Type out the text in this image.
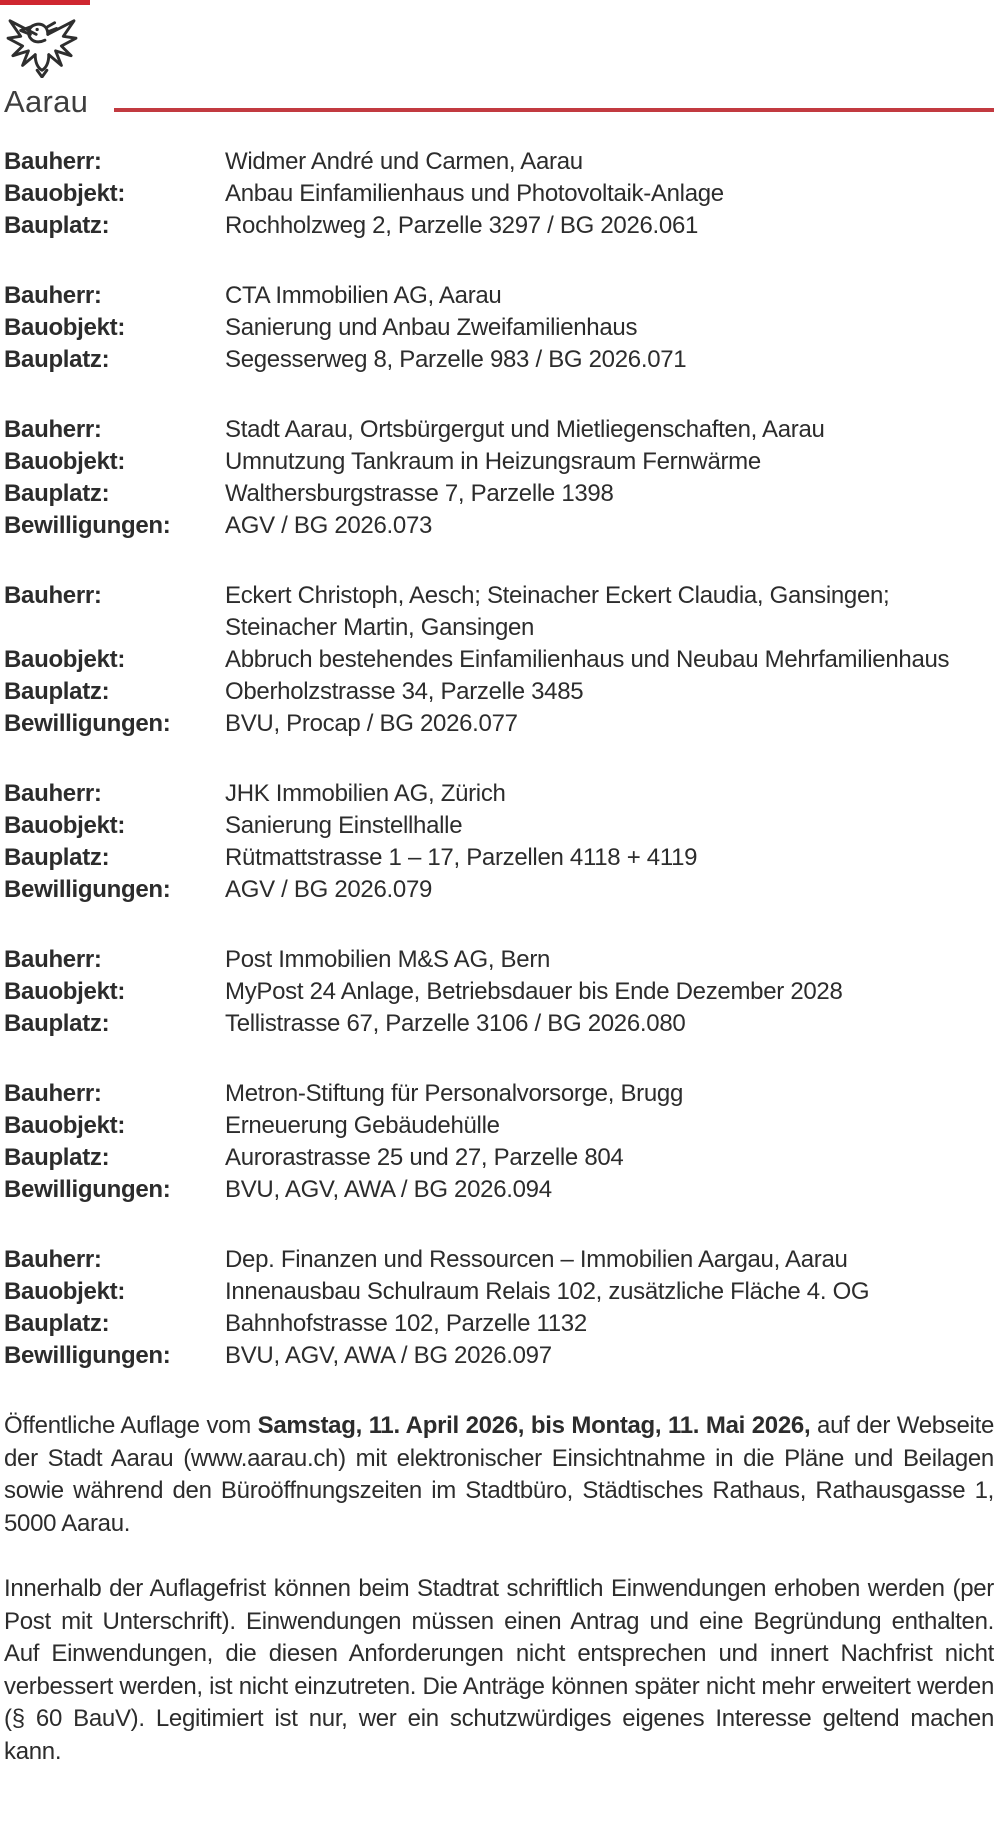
Aarau
Bauherr:	Widmer André und Carmen, Aarau
Bauobjekt:	Anbau Einfamilienhaus und Photovoltaik-Anlage
Bauplatz:	Rochholzweg 2, Parzelle 3297 / BG 2026.061
Bauherr:	CTA Immobilien AG, Aarau
Bauobjekt:	Sanierung und Anbau Zweifamilienhaus
Bauplatz:	Segesserweg 8, Parzelle 983 / BG 2026.071
Bauherr:	Stadt Aarau, Ortsbürgergut und Mietliegenschaften, Aarau
Bauobjekt:	Umnutzung Tankraum in Heizungsraum Fernwärme
Bauplatz:	Walthersburgstrasse 7, Parzelle 1398
Bewilligungen:	AGV / BG 2026.073
Bauherr:	Eckert Christoph, Aesch; Steinacher Eckert Claudia, Gansingen; Steinacher Martin, Gansingen
Bauobjekt:	Abbruch bestehendes Einfamilienhaus und Neubau Mehrfamilienhaus
Bauplatz:	Oberholzstrasse 34, Parzelle 3485
Bewilligungen:	BVU, Procap / BG 2026.077
Bauherr:	JHK Immobilien AG, Zürich
Bauobjekt:	Sanierung Einstellhalle
Bauplatz:	Rütmattstrasse 1 – 17, Parzellen 4118 + 4119
Bewilligungen:	AGV / BG 2026.079
Bauherr:	Post Immobilien M&S AG, Bern
Bauobjekt:	MyPost 24 Anlage, Betriebsdauer bis Ende Dezember 2028
Bauplatz:	Tellistrasse 67, Parzelle 3106 / BG 2026.080
Bauherr:	Metron-Stiftung für Personalvorsorge, Brugg
Bauobjekt:	Erneuerung Gebäudehülle
Bauplatz:	Aurorastrasse 25 und 27, Parzelle 804
Bewilligungen:	BVU, AGV, AWA / BG 2026.094
Bauherr:	Dep. Finanzen und Ressourcen – Immobilien Aargau, Aarau
Bauobjekt:	Innenausbau Schulraum Relais 102, zusätzliche Fläche 4. OG
Bauplatz:	Bahnhofstrasse 102, Parzelle 1132
Bewilligungen:	BVU, AGV, AWA / BG 2026.097

Öffentliche Auflage vom Samstag, 11. April 2026, bis Montag, 11. Mai 2026, auf der Webseite der Stadt Aarau (www.aarau.ch) mit elektronischer Einsichtnahme in die Pläne und Beilagen sowie während den Büroöffnungszeiten im Stadtbüro, Städtisches Rathaus, Rathausgasse 1, 5000 Aarau.

Innerhalb der Auflagefrist können beim Stadtrat schriftlich Einwendungen erhoben werden (per Post mit Unterschrift). Einwendungen müssen einen Antrag und eine Begründung enthalten. Auf Einwendungen, die diesen Anforderungen nicht entsprechen und innert Nachfrist nicht verbessert werden, ist nicht einzutreten. Die Anträge können später nicht mehr erweitert werden (§ 60 BauV). Legitimiert ist nur, wer ein schutzwürdiges eigenes Interesse geltend machen kann.
